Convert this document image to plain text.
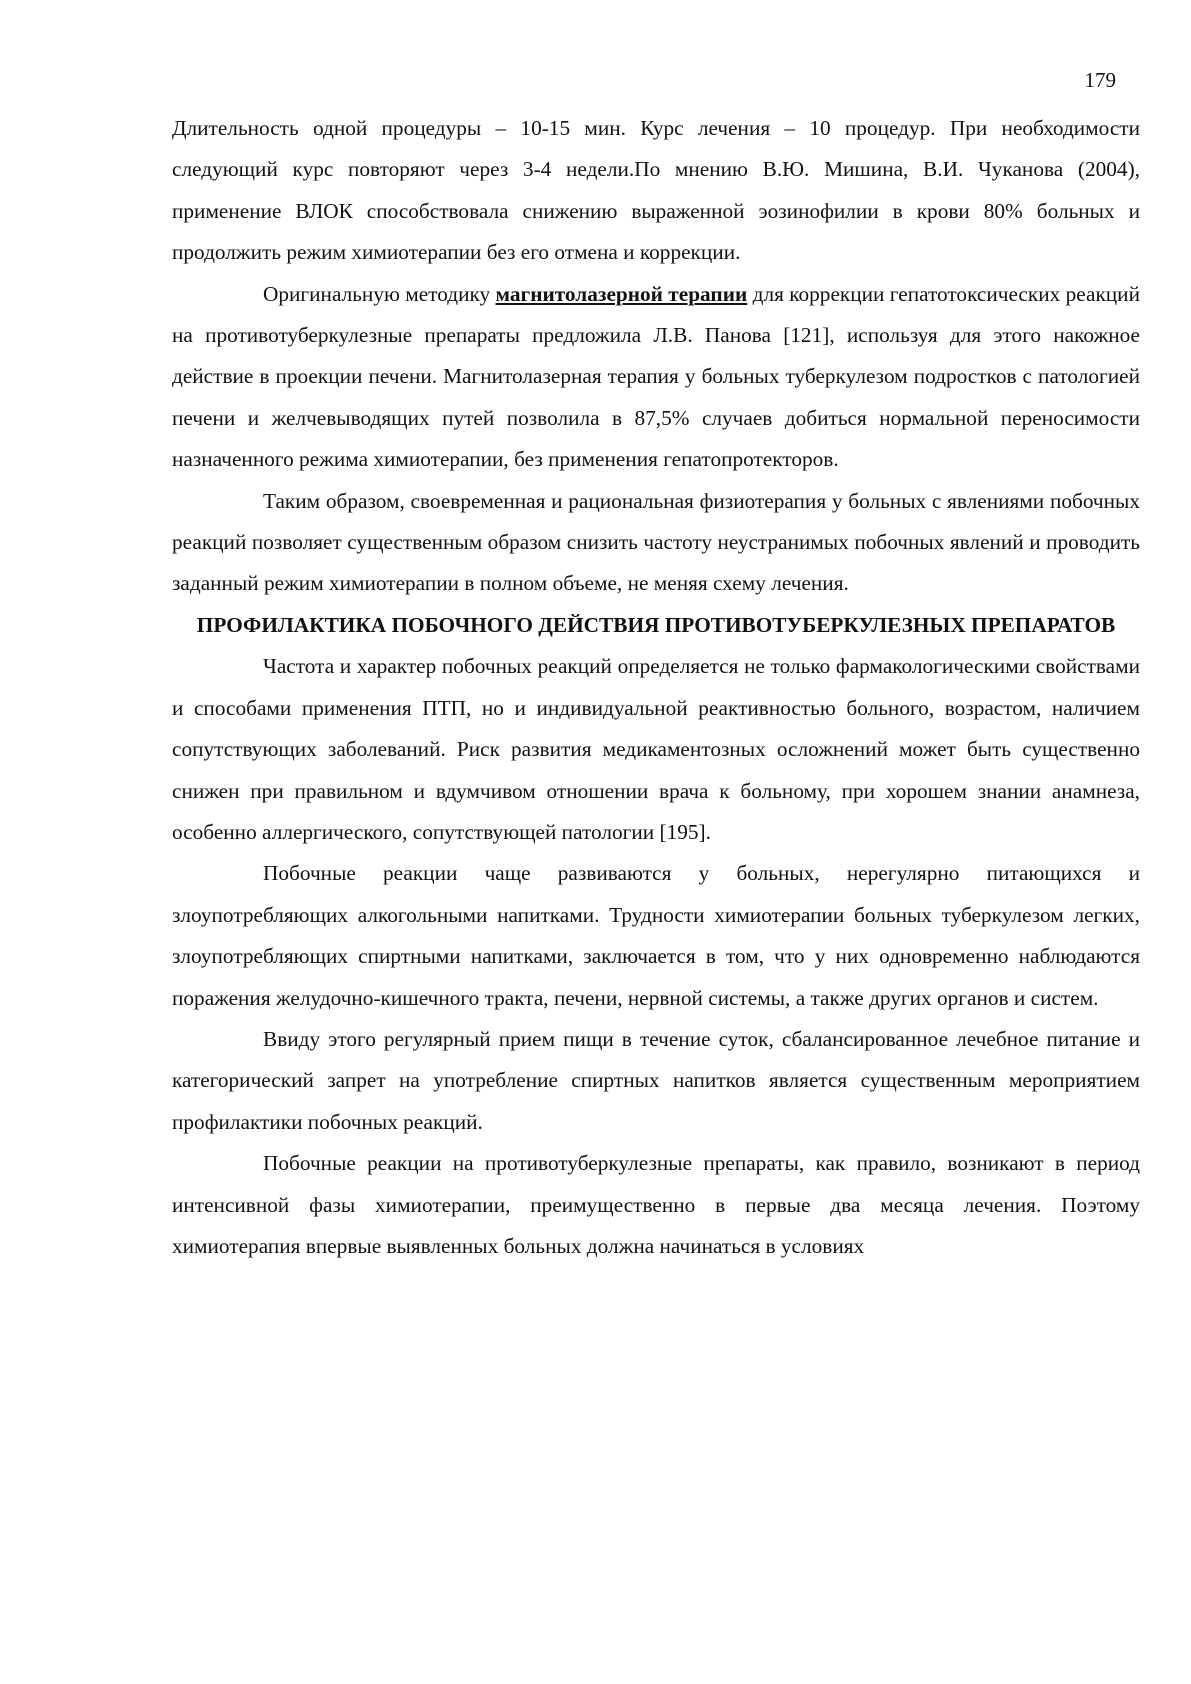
179

Длительность одной процедуры – 10-15 мин. Курс лечения – 10 процедур. При необходимости следующий курс повторяют через 3-4 недели.По мнению В.Ю. Мишина, В.И. Чуканова (2004), применение ВЛОК способствовала снижению выраженной эозинофилии в крови 80% больных и продолжить режим химиотерапии без его отмена и коррекции.

Оригинальную методику магнитолазерной терапии для коррекции гепатотоксических реакций на противотуберкулезные препараты предложила Л.В. Панова [121], используя для этого накожное действие в проекции печени. Магнитолазерная терапия у больных туберкулезом подростков с патологией печени и желчевыводящих путей позволила в 87,5% случаев добиться нормальной переносимости назначенного режима химиотерапии, без применения гепатопротекторов.

Таким образом, своевременная и рациональная физиотерапия у больных с явлениями побочных реакций позволяет существенным образом снизить частоту неустранимых побочных явлений и проводить заданный режим химиотерапии в полном объеме, не меняя схему лечения.

ПРОФИЛАКТИКА ПОБОЧНОГО ДЕЙСТВИЯ ПРОТИВОТУБЕРКУЛЕЗНЫХ ПРЕПАРАТОВ

Частота и характер побочных реакций определяется не только фармакологическими свойствами и способами применения ПТП, но и индивидуальной реактивностью больного, возрастом, наличием сопутствующих заболеваний. Риск развития медикаментозных осложнений может быть существенно снижен при правильном и вдумчивом отношении врача к больному, при хорошем знании анамнеза, особенно аллергического, сопутствующей патологии [195].

Побочные реакции чаще развиваются у больных, нерегулярно питающихся и злоупотребляющих алкогольными напитками. Трудности химиотерапии больных туберкулезом легких, злоупотребляющих спиртными напитками, заключается в том, что у них одновременно наблюдаются поражения желудочно-кишечного тракта, печени, нервной системы, а также других органов и систем.

Ввиду этого регулярный прием пищи в течение суток, сбалансированное лечебное питание и категорический запрет на употребление спиртных напитков является существенным мероприятием профилактики побочных реакций.

Побочные реакции на противотуберкулезные препараты, как правило, возникают в период интенсивной фазы химиотерапии, преимущественно в первые два месяца лечения. Поэтому химиотерапия впервые выявленных больных должна начинаться в условиях
